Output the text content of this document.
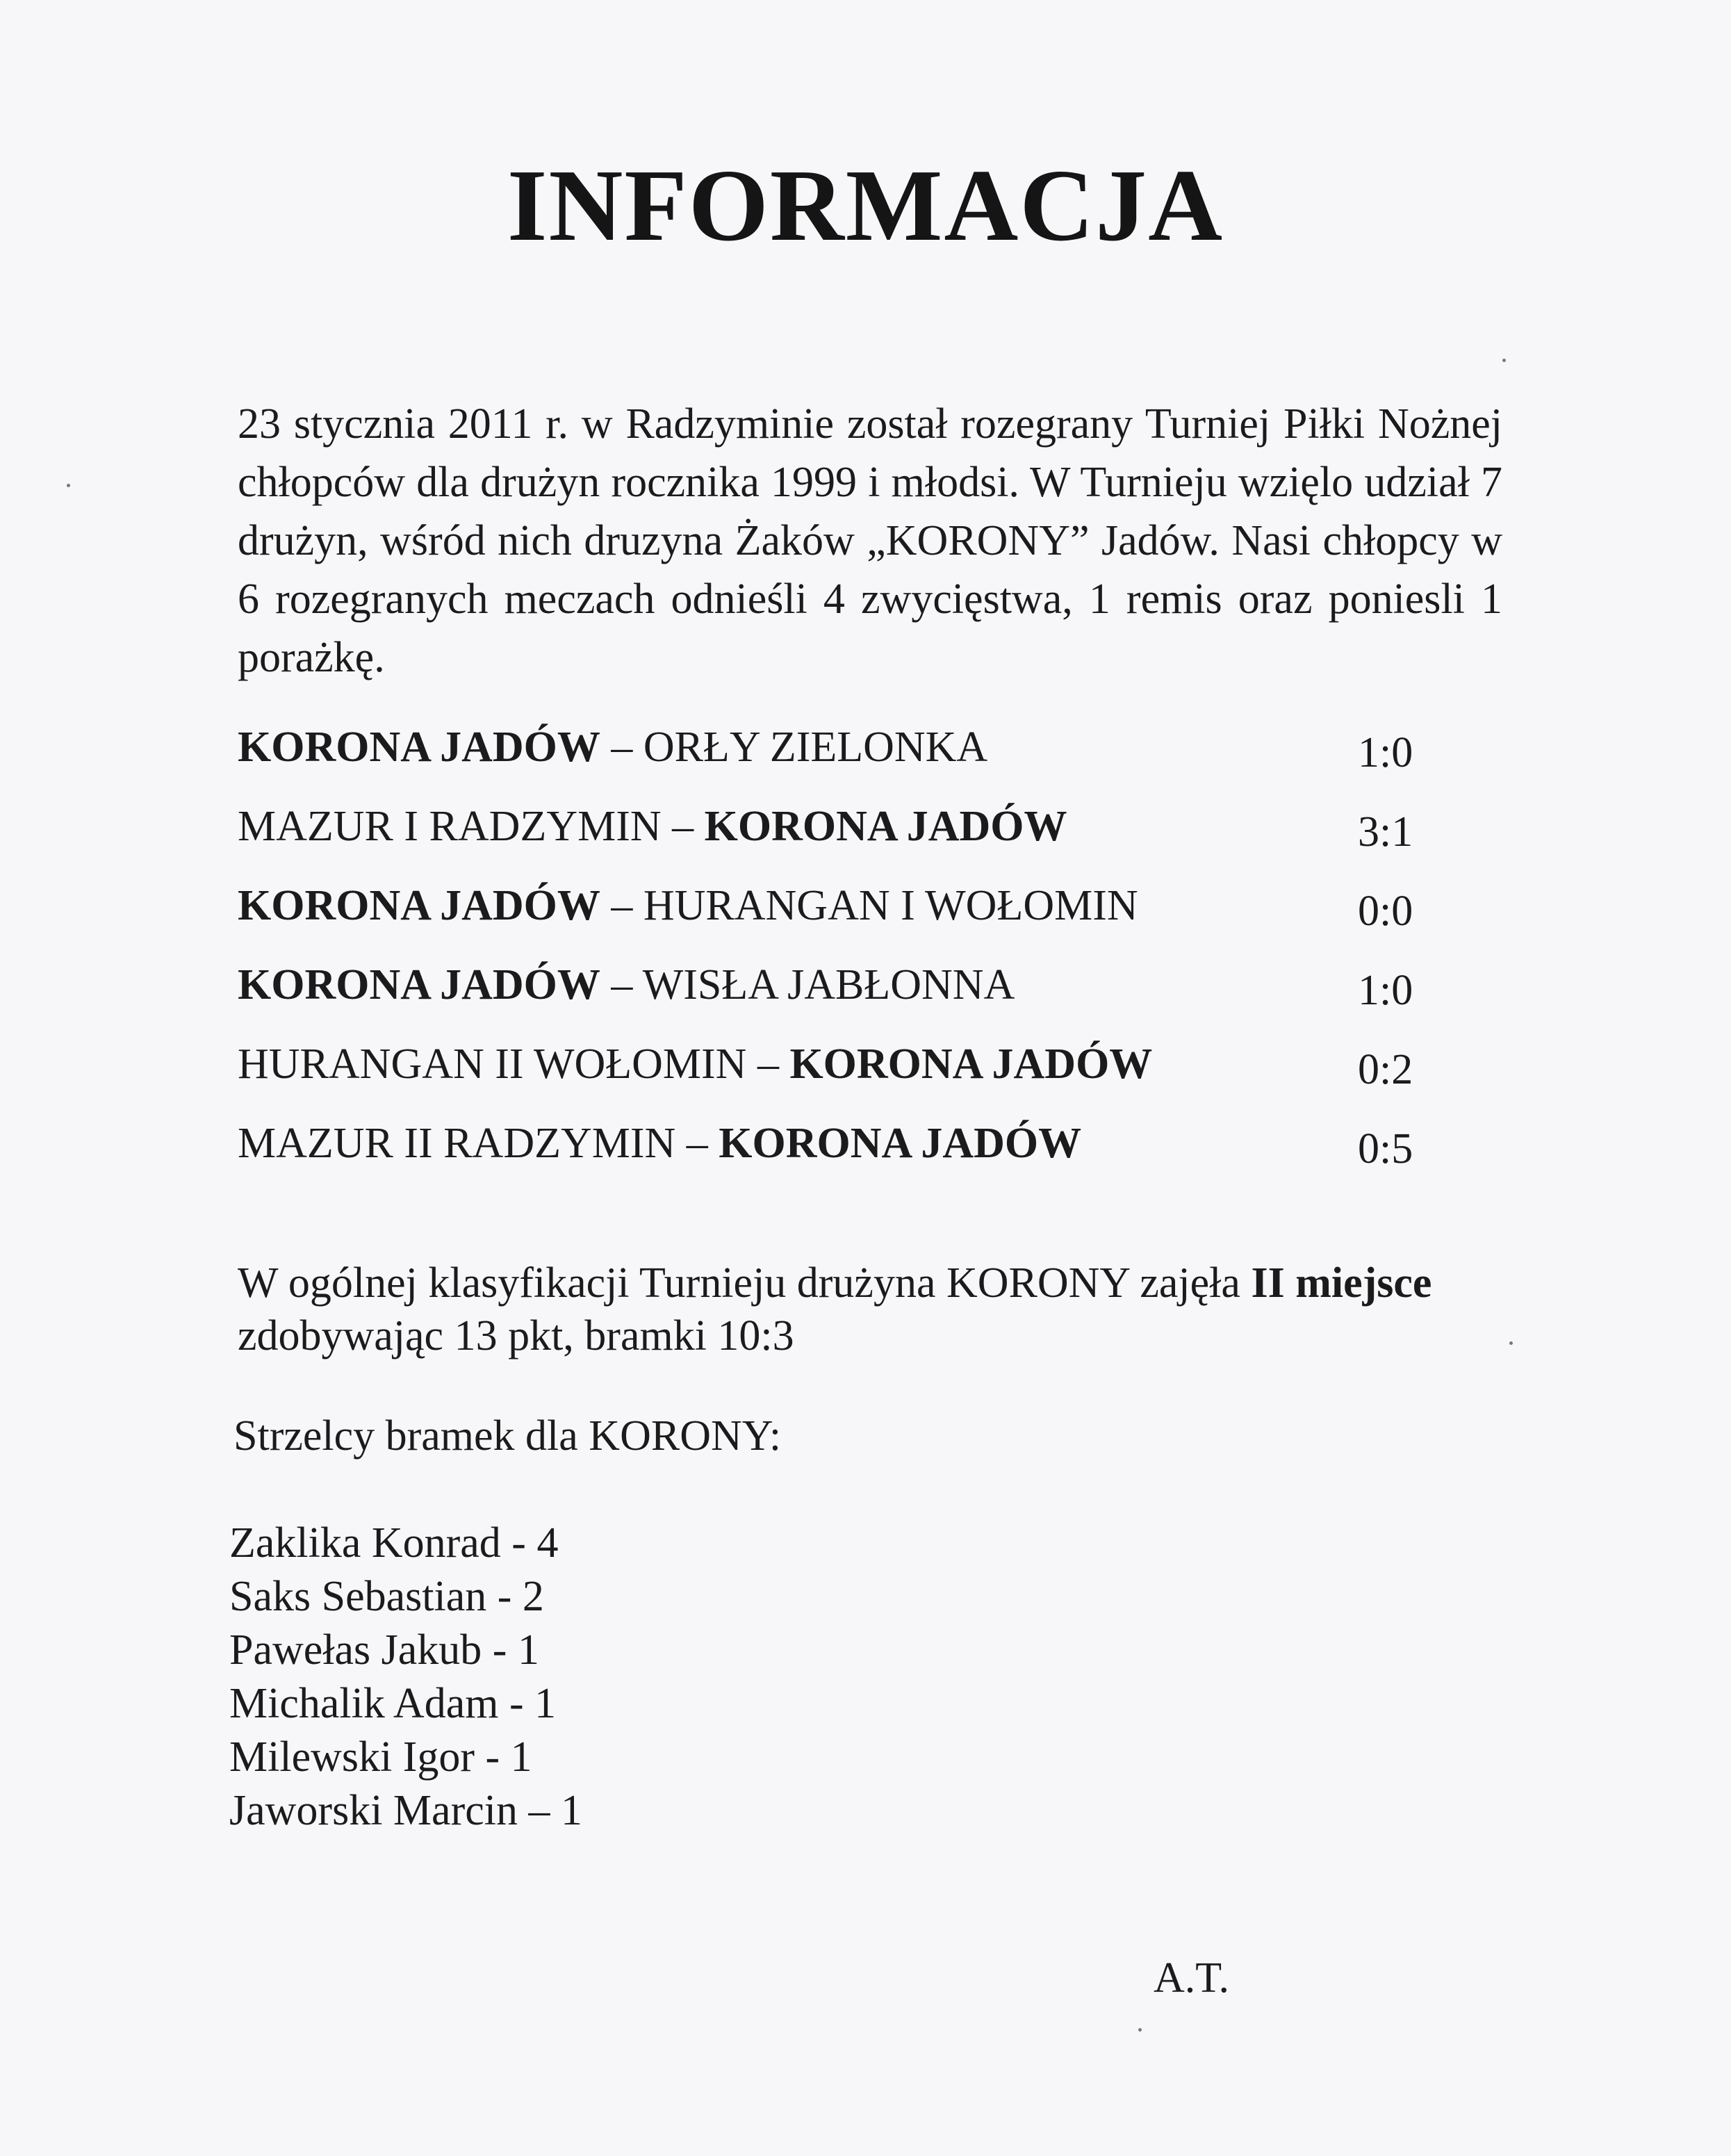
INFORMACJA

23 stycznia 2011 r. w Radzyminie został rozegrany Turniej Piłki Nożnej chłopców dla drużyn rocznika 1999 i młodsi. W Turnieju wzięlo udział 7 drużyn, wśród nich druzyna Żaków „KORONY” Jadów. Nasi chłopcy w 6 rozegranych meczach odnieśli 4 zwycięstwa, 1 remis oraz poniesli 1 porażkę.

KORONA JADÓW – ORŁY ZIELONKA	1:0
MAZUR I RADZYMIN – KORONA JADÓW	3:1
KORONA JADÓW – HURANGAN I WOŁOMIN	0:0
KORONA JADÓW – WISŁA JABŁONNA	1:0
HURANGAN II WOŁOMIN – KORONA JADÓW	0:2
MAZUR II RADZYMIN – KORONA JADÓW	0:5

W ogólnej klasyfikacji Turnieju drużyna KORONY zajęła II miejsce

zdobywając 13 pkt, bramki 10:3

Strzelcy bramek dla KORONY:
Zaklika Konrad - 4
Saks Sebastian - 2
Pawełas Jakub - 1
Michalik Adam - 1
Milewski Igor - 1
Jaworski Marcin – 1
A.T.
